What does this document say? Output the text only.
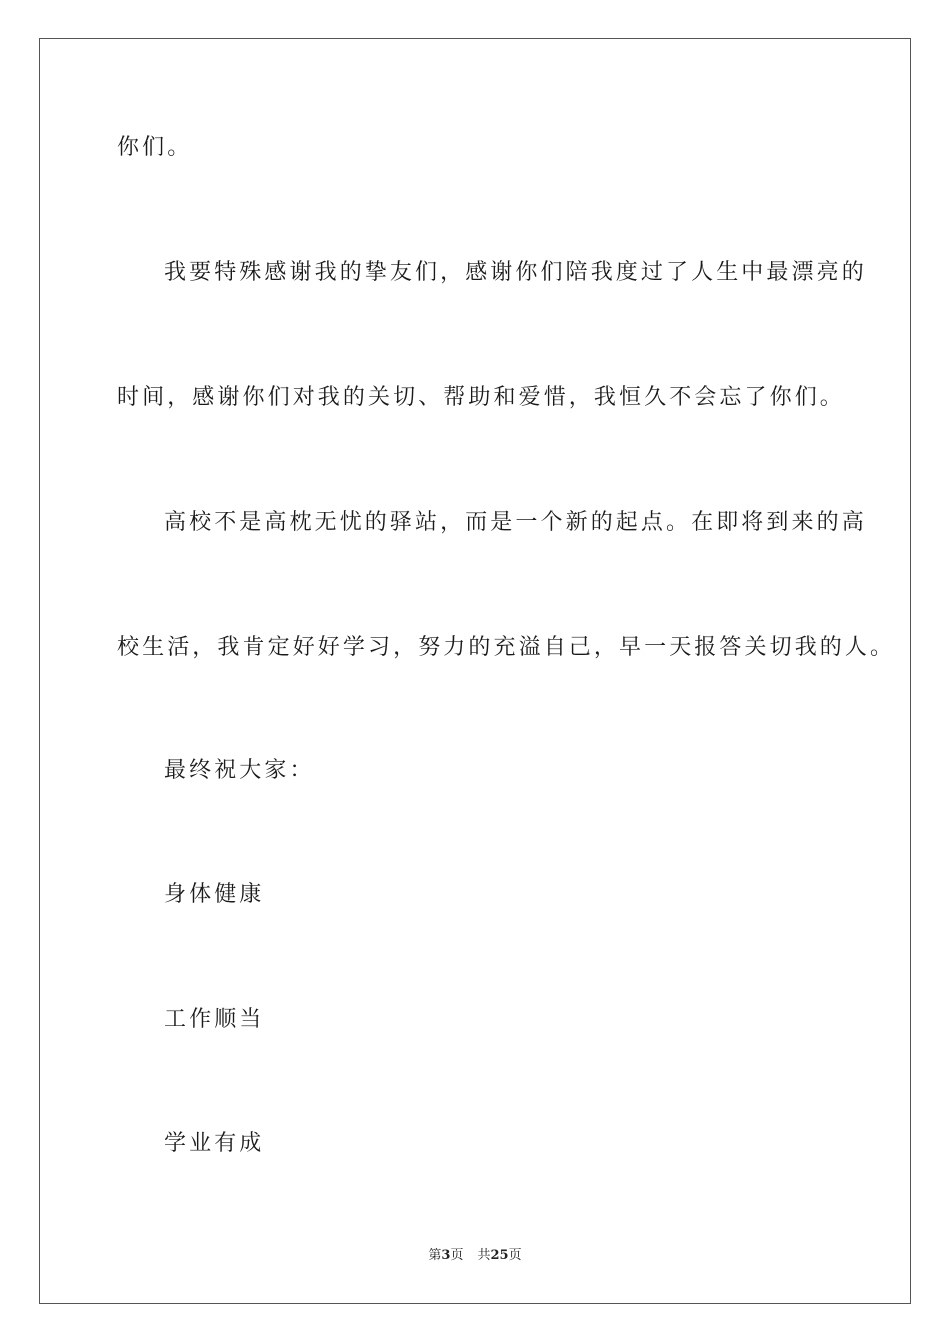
你们。
我要特殊感谢我的挚友们，感谢你们陪我度过了人生中最漂亮的
时间，感谢你们对我的关切、帮助和爱惜，我恒久不会忘了你们。
高校不是高枕无忧的驿站，而是一个新的起点。在即将到来的高
校生活，我肯定好好学习，努力的充溢自己，早一天报答关切我的人。
最终祝大家：
身体健康
工作顺当
学业有成
第3页 共25页
